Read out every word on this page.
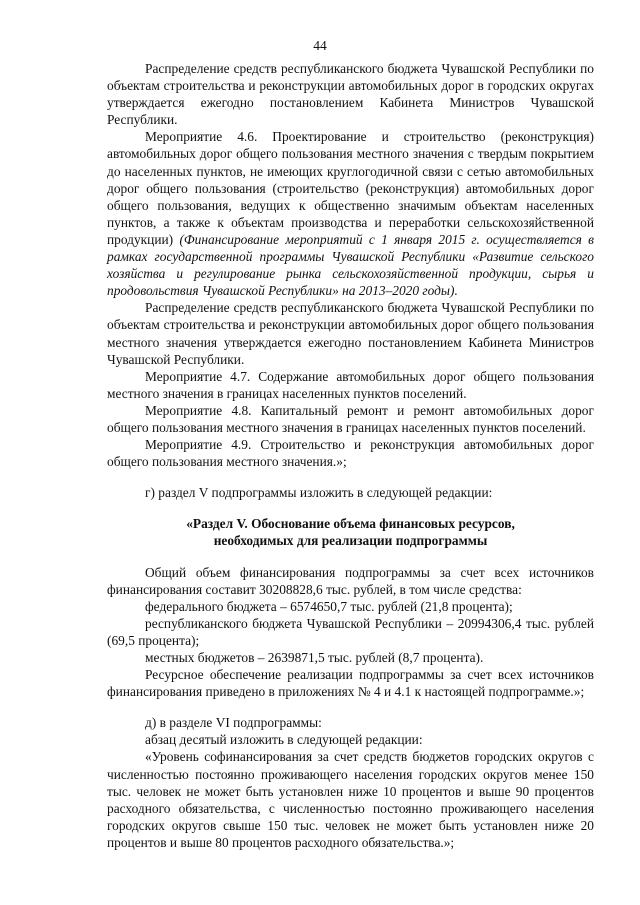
44

Распределение средств республиканского бюджета Чувашской Республики по объектам строительства и реконструкции автомобильных дорог в городских округах утверждается ежегодно постановлением Кабинета Министров Чувашской Республики.

Мероприятие 4.6. Проектирование и строительство (реконструкция) автомобильных дорог общего пользования местного значения с твердым покрытием до населенных пунктов, не имеющих круглогодичной связи с сетью автомобильных дорог общего пользования (строительство (реконструкция) автомобильных дорог общего пользования, ведущих к общественно значимым объектам населенных пунктов, а также к объектам производства и переработки сельскохозяйственной продукции) (Финансирование мероприятий с 1 января 2015 г. осуществляется в рамках государственной программы Чувашской Республики «Развитие сельского хозяйства и регулирование рынка сельскохозяйственной продукции, сырья и продовольствия Чувашской Республики» на 2013–2020 годы).

Распределение средств республиканского бюджета Чувашской Республики по объектам строительства и реконструкции автомобильных дорог общего пользования местного значения утверждается ежегодно постановлением Кабинета Министров Чувашской Республики.

Мероприятие 4.7. Содержание автомобильных дорог общего пользования местного значения в границах населенных пунктов поселений.

Мероприятие 4.8. Капитальный ремонт и ремонт автомобильных дорог общего пользования местного значения в границах населенных пунктов поселений.

Мероприятие 4.9. Строительство и реконструкция автомобильных дорог общего пользования местного значения.»;

г) раздел V подпрограммы изложить в следующей редакции:

«Раздел V. Обоснование объема финансовых ресурсов,
необходимых для реализации подпрограммы

Общий объем финансирования подпрограммы за счет всех источников финансирования составит 30208828,6 тыс. рублей, в том числе средства:

федерального бюджета – 6574650,7 тыс. рублей (21,8 процента);

республиканского бюджета Чувашской Республики – 20994306,4 тыс. рублей (69,5 процента);

местных бюджетов – 2639871,5 тыс. рублей (8,7 процента).

Ресурсное обеспечение реализации подпрограммы за счет всех источников финансирования приведено в приложениях № 4 и 4.1 к настоящей подпрограмме.»;

д) в разделе VI подпрограммы:

абзац десятый изложить в следующей редакции:

«Уровень софинансирования за счет средств бюджетов городских округов с численностью постоянно проживающего населения городских округов менее 150 тыс. человек не может быть установлен ниже 10 процентов и выше 90 процентов расходного обязательства, с численностью постоянно проживающего населения городских округов свыше 150 тыс. человек не может быть установлен ниже 20 процентов и выше 80 процентов расходного обязательства.»;
